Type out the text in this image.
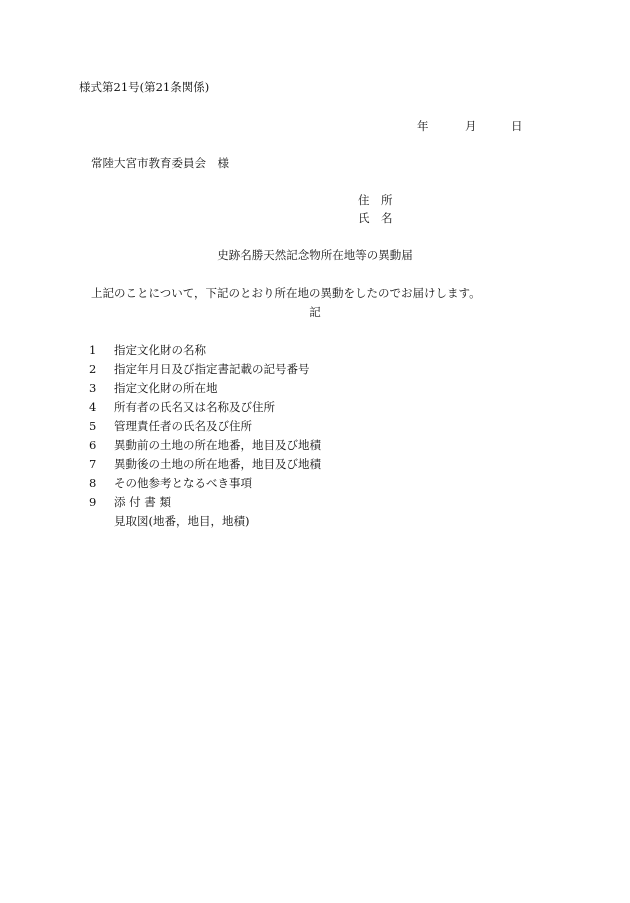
様式第21号(第21条関係)
年	月	日
常陸大宮市教育委員会　様
住　所
氏　名
史跡名勝天然記念物所在地等の異動届
上記のことについて，下記のとおり所在地の異動をしたのでお届けします。
記
1 指定文化財の名称
2 指定年月日及び指定書記載の記号番号
3 指定文化財の所在地
4 所有者の氏名又は名称及び住所
5 管理責任者の氏名及び住所
6 異動前の土地の所在地番，地目及び地積
7 異動後の土地の所在地番，地目及び地積
8 その他参考となるべき事項
9 添 付 書 類
見取図(地番，地目，地積)
